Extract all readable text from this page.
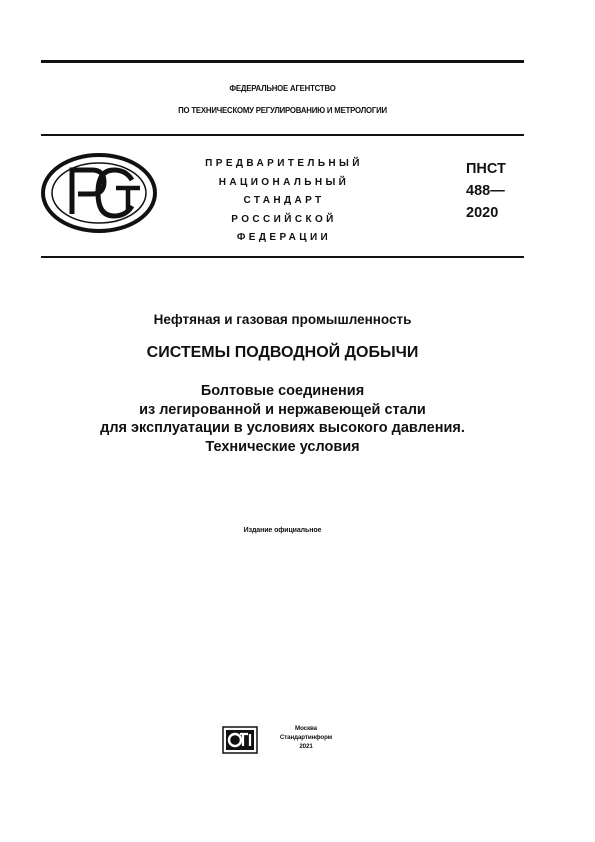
ФЕДЕРАЛЬНОЕ АГЕНТСТВО
ПО ТЕХНИЧЕСКОМУ РЕГУЛИРОВАНИЮ И МЕТРОЛОГИИ
ПРЕДВАРИТЕЛЬНЫЙ
НАЦИОНАЛЬНЫЙ
СТАНДАРТ
РОССИЙСКОЙ
ФЕДЕРАЦИИ
ПНСТ
488—
2020
Нефтяная и газовая промышленность
СИСТЕМЫ ПОДВОДНОЙ ДОБЫЧИ
Болтовые соединения
из легированной и нержавеющей стали
для эксплуатации в условиях высокого давления.
Технические условия
Издание официальное
Москва
Стандартинформ
2021
